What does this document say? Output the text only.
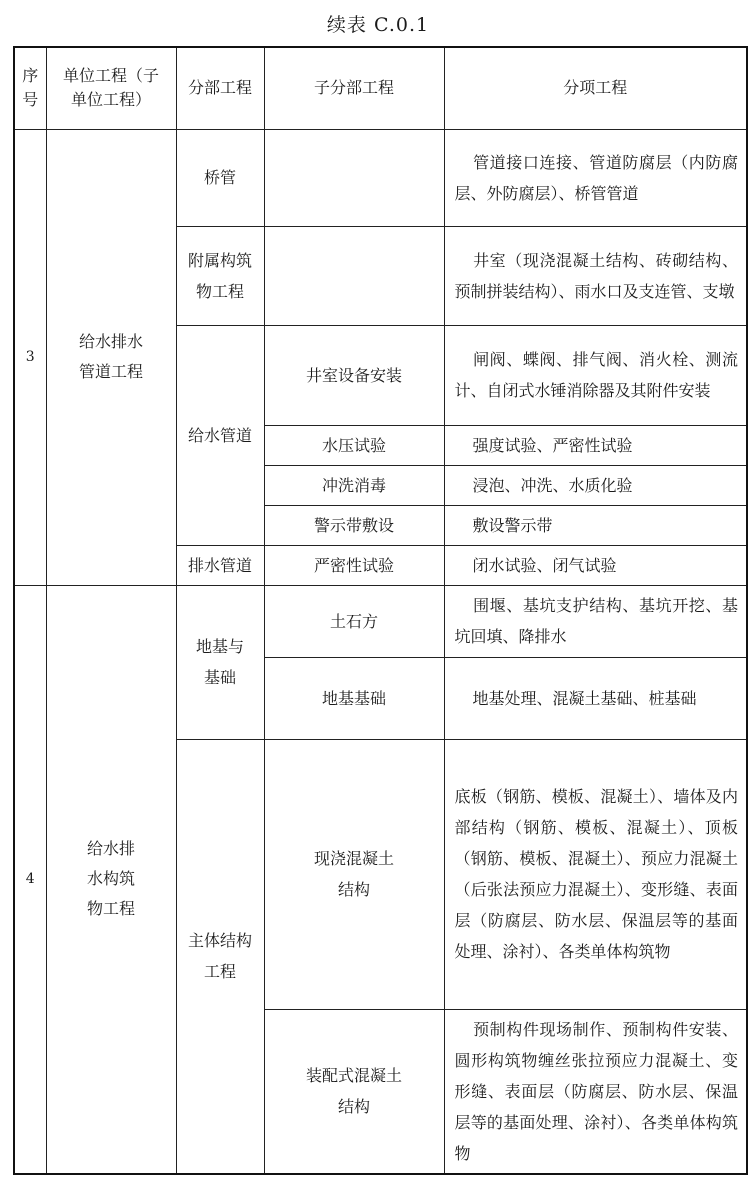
续表 C.0.1
序号	单位工程（子单位工程）	分部工程	子分部工程	分项工程
3	给水排水管道工程	桥管		管道接口连接、管道防腐层（内防腐层、外防腐层）、桥管管道
		附属构筑物工程		井室（现浇混凝土结构、砖砌结构、预制拼装结构）、雨水口及支连管、支墩
		给水管道	井室设备安装	闸阀、蝶阀、排气阀、消火栓、测流计、自闭式水锤消除器及其附件安装
			水压试验	强度试验、严密性试验
			冲洗消毒	浸泡、冲洗、水质化验
			警示带敷设	敷设警示带
		排水管道	严密性试验	闭水试验、闭气试验
4	给水排水构筑物工程	地基与基础	土石方	围堰、基坑支护结构、基坑开挖、基坑回填、降排水
			地基基础	地基处理、混凝土基础、桩基础
		主体结构工程	现浇混凝土结构	底板（钢筋、模板、混凝土）、墙体及内部结构（钢筋、模板、混凝土）、顶板（钢筋、模板、混凝土）、预应力混凝土（后张法预应力混凝土）、变形缝、表面层（防腐层、防水层、保温层等的基面处理、涂衬）、各类单体构筑物
			装配式混凝土结构	预制构件现场制作、预制构件安装、圆形构筑物缠丝张拉预应力混凝土、变形缝、表面层（防腐层、防水层、保温层等的基面处理、涂衬）、各类单体构筑物
